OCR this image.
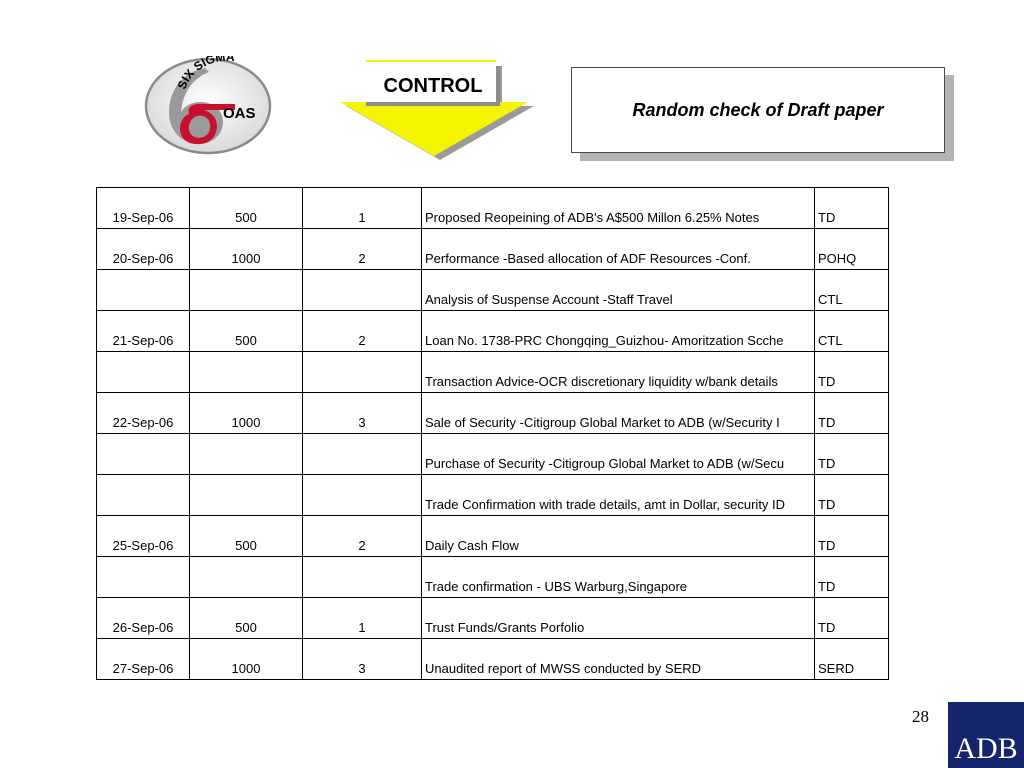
SIX SIGMA
OAS
CONTROL
Random check of Draft paper
19-Sep-06	500	1	Proposed Reopeining of ADB's A$500 Millon 6.25% Notes	TD
20-Sep-06	1000	2	Performance -Based allocation of ADF Resources -Conf.	POHQ
			Analysis of Suspense Account -Staff Travel	CTL
21-Sep-06	500	2	Loan No. 1738-PRC Chongqing_Guizhou- Amoritzation Scche	CTL
			Transaction Advice-OCR discretionary liquidity w/bank details	TD
22-Sep-06	1000	3	Sale of Security -Citigroup Global Market to ADB (w/Security I	TD
			Purchase of Security -Citigroup Global Market to ADB (w/Secu	TD
			Trade Confirmation with trade details, amt in Dollar, security ID	TD
25-Sep-06	500	2	Daily Cash Flow	TD
			Trade confirmation - UBS Warburg,Singapore	TD
26-Sep-06	500	1	Trust Funds/Grants Porfolio	TD
27-Sep-06	1000	3	Unaudited report of MWSS conducted by SERD	SERD
28
ADB
